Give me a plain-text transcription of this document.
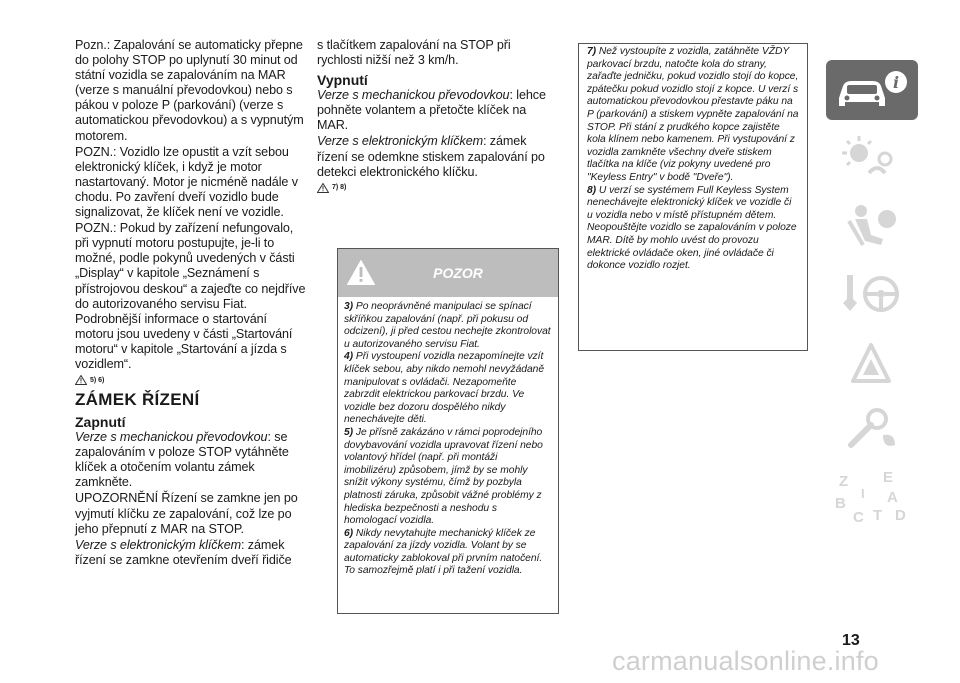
Pozn.: Zapalování se automaticky přepne do polohy STOP po uplynutí 30 minut od státní vozidla se zapalováním na MAR (verze s manuální převodovkou) nebo s pákou v poloze P (parkování) (verze s automatickou převodovkou) a s vypnutým motorem.

POZN.: Vozidlo lze opustit a vzít sebou elektronický klíček, i když je motor nastartovaný. Motor je nicméně nadále v chodu. Po zavření dveří vozidlo bude signalizovat, že klíček není ve vozidle.

POZN.: Pokud by zařízení nefungovalo, při vypnutí motoru postupujte, je-li to možné, podle pokynů uvedených v části „Display“ v kapitole „Seznámení s přístrojovou deskou“ a zajeďte co nejdříve do autorizovaného servisu Fiat. Podrobnější informace o startování motoru jsou uvedeny v části „Startování motoru“ v kapitole „Startování a jízda s vozidlem“.

5) 6)
ZÁMEK ŘÍZENÍ
Zapnutí

Verze s mechanickou převodovkou: se zapalováním v poloze STOP vytáhněte klíček a otočením volantu zámek zamkněte.

UPOZORNĚNÍ Řízení se zamkne jen po vyjmutí klíčku ze zapalování, což lze po jeho přepnutí z MAR na STOP.

Verze s elektronickým klíčkem: zámek řízení se zamkne otevřením dveří řidiče

s tlačítkem zapalování na STOP při rychlosti nižší než 3 km/h.

Vypnutí

Verze s mechanickou převodovkou: lehce pohněte volantem a přetočte klíček na MAR.

Verze s elektronickým klíčkem: zámek řízení se odemkne stiskem zapalování po detekci elektronického klíčku.

7) 8)
POZOR

3) Po neoprávněné manipulaci se spínací skříňkou zapalování (např. při pokusu od odcizení), ji před cestou nechejte zkontrolovat u autorizovaného servisu Fiat.

4) Při vystoupení vozidla nezapomínejte vzít klíček sebou, aby nikdo nemohl nevyžádaně manipulovat s ovládači. Nezapomeňte zabrzdit elektrickou parkovací brzdu. Ve vozidle bez dozoru dospělého nikdy nenechávejte děti.

5) Je přísně zakázáno v rámci poprodejního dovybavování vozidla upravovat řízení nebo volantový hřídel (např. při montáži imobilizéru) způsobem, jímž by se mohly snížit výkony systému, čímž by pozbyla platnosti záruka, způsobit vážné problémy z hlediska bezpečnosti a neshodu s homologací vozidla.

6) Nikdy nevytahujte mechanický klíček ze zapalování za jízdy vozidla. Volant by se automaticky zablokoval při prvním natočení. To samozřejmě platí i při tažení vozidla.

7) Než vystoupíte z vozidla, zatáhněte VŽDY parkovací brzdu, natočte kola do strany, zařaďte jedničku, pokud vozidlo stojí do kopce, zpátečku pokud vozidlo stojí z kopce. U verzí s automatickou převodovkou přestavte páku na P (parkování) a stiskem vypněte zapalování na STOP. Při stání z prudkého kopce zajistěte kola klínem nebo kamenem. Při vystupování z vozidla zamkněte všechny dveře stiskem tlačítka na klíče (viz pokyny uvedené pro "Keyless Entry" v bodě "Dveře").

8) U verzí se systémem Full Keyless System nenechávejte elektronický klíček ve vozidle či u vozidla nebo v místě přístupném dětem. Neopouštějte vozidlo se zapalováním v poloze MAR. Dítě by mohlo uvést do provozu elektrické ovládače oken, jiné ovládače či dokonce vozidlo rozjet.

i
Z E
B	A
I
C T D
13
carmanualsonline.info
